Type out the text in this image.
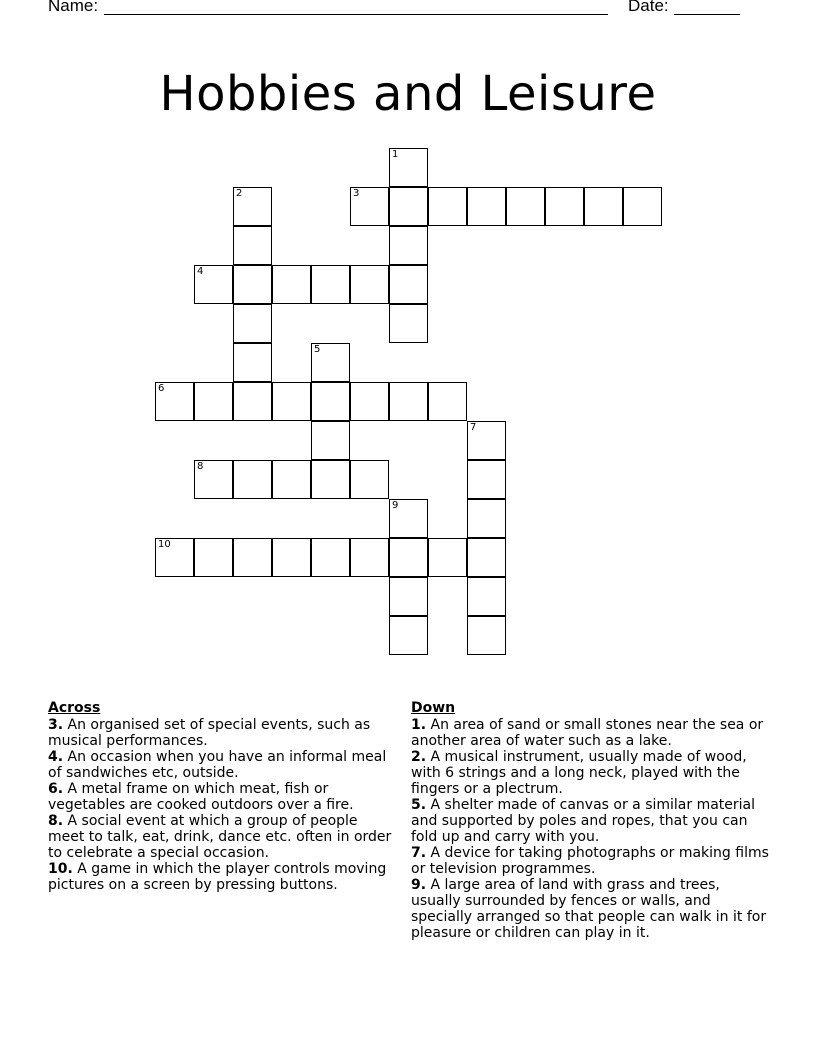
Name:	Date:
Hobbies and Leisure
1
2	3
4
5
6
7
8
9
10
Across
3. An organised set of special events, such as musical performances.
4. An occasion when you have an informal meal of sandwiches etc, outside.
6. A metal frame on which meat, fish or vegetables are cooked outdoors over a fire.
8. A social event at which a group of people meet to talk, eat, drink, dance etc. often in order to celebrate a special occasion.
10. A game in which the player controls moving pictures on a screen by pressing buttons.
Down
1. An area of sand or small stones near the sea or another area of water such as a lake.
2. A musical instrument, usually made of wood, with 6 strings and a long neck, played with the fingers or a plectrum.
5. A shelter made of canvas or a similar material and supported by poles and ropes, that you can fold up and carry with you.
7. A device for taking photographs or making films or television programmes.
9. A large area of land with grass and trees, usually surrounded by fences or walls, and specially arranged so that people can walk in it for pleasure or children can play in it.
